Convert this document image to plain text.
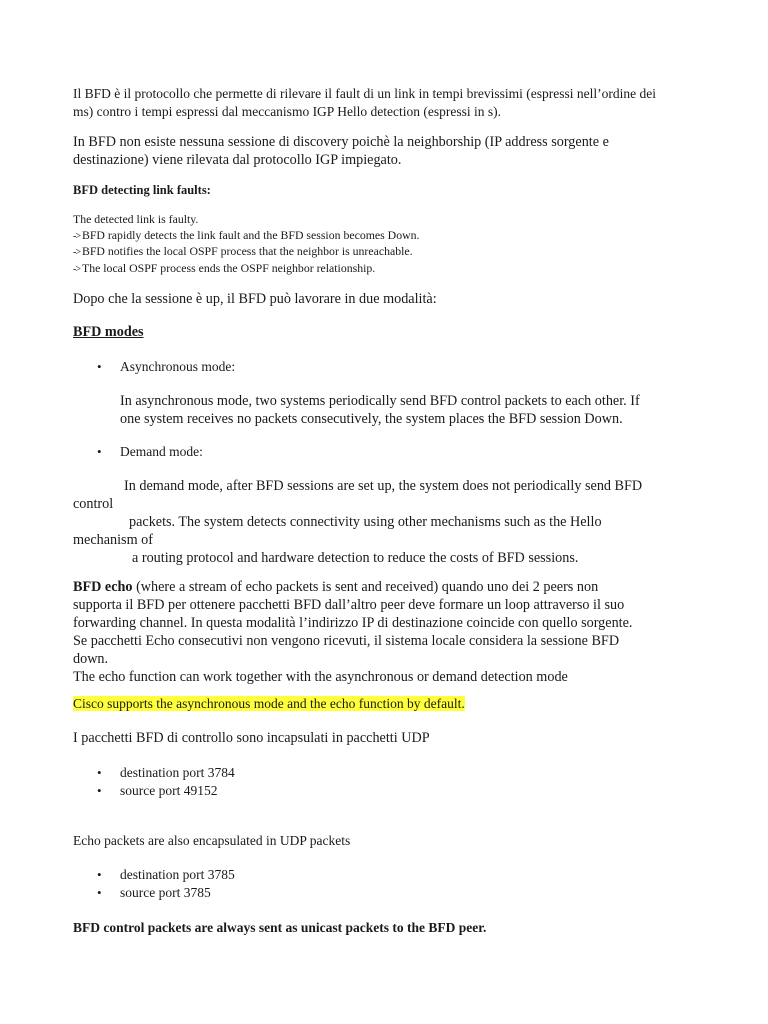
Il BFD è il protocollo che permette di rilevare il fault di un link in tempi brevissimi (espressi nell’ordine dei
ms) contro i tempi espressi dal meccanismo IGP Hello detection (espressi in s).

In BFD non esiste nessuna sessione di discovery poichè la neighborship (IP address sorgente e
destinazione) viene rilevata dal protocollo IGP impiegato.

BFD detecting link faults:

The detected link is faulty.
-> BFD rapidly detects the link fault and the BFD session becomes Down.
-> BFD notifies the local OSPF process that the neighbor is unreachable.
-> The local OSPF process ends the OSPF neighbor relationship.

Dopo che la sessione è up, il BFD può lavorare in due modalità:

BFD modes

• Asynchronous mode:

In asynchronous mode, two systems periodically send BFD control packets to each other. If
one system receives no packets consecutively, the system places the BFD session Down.

• Demand mode:

In demand mode, after BFD sessions are set up, the system does not periodically send BFD
control
packets. The system detects connectivity using other mechanisms such as the Hello
mechanism of
a routing protocol and hardware detection to reduce the costs of BFD sessions.

BFD echo (where a stream of echo packets is sent and received) quando uno dei 2 peers non
supporta il BFD per ottenere pacchetti BFD dall’altro peer deve formare un loop attraverso il suo
forwarding channel. In questa modalità l’indirizzo IP di destinazione coincide con quello sorgente.
Se pacchetti Echo consecutivi non vengono ricevuti, il sistema locale considera la sessione BFD
down.
The echo function can work together with the asynchronous or demand detection mode

Cisco supports the asynchronous mode and the echo function by default.

I pacchetti BFD di controllo sono incapsulati in pacchetti UDP

• destination port 3784
• source port 49152

Echo packets are also encapsulated in UDP packets

• destination port 3785
• source port 3785

BFD control packets are always sent as unicast packets to the BFD peer.
